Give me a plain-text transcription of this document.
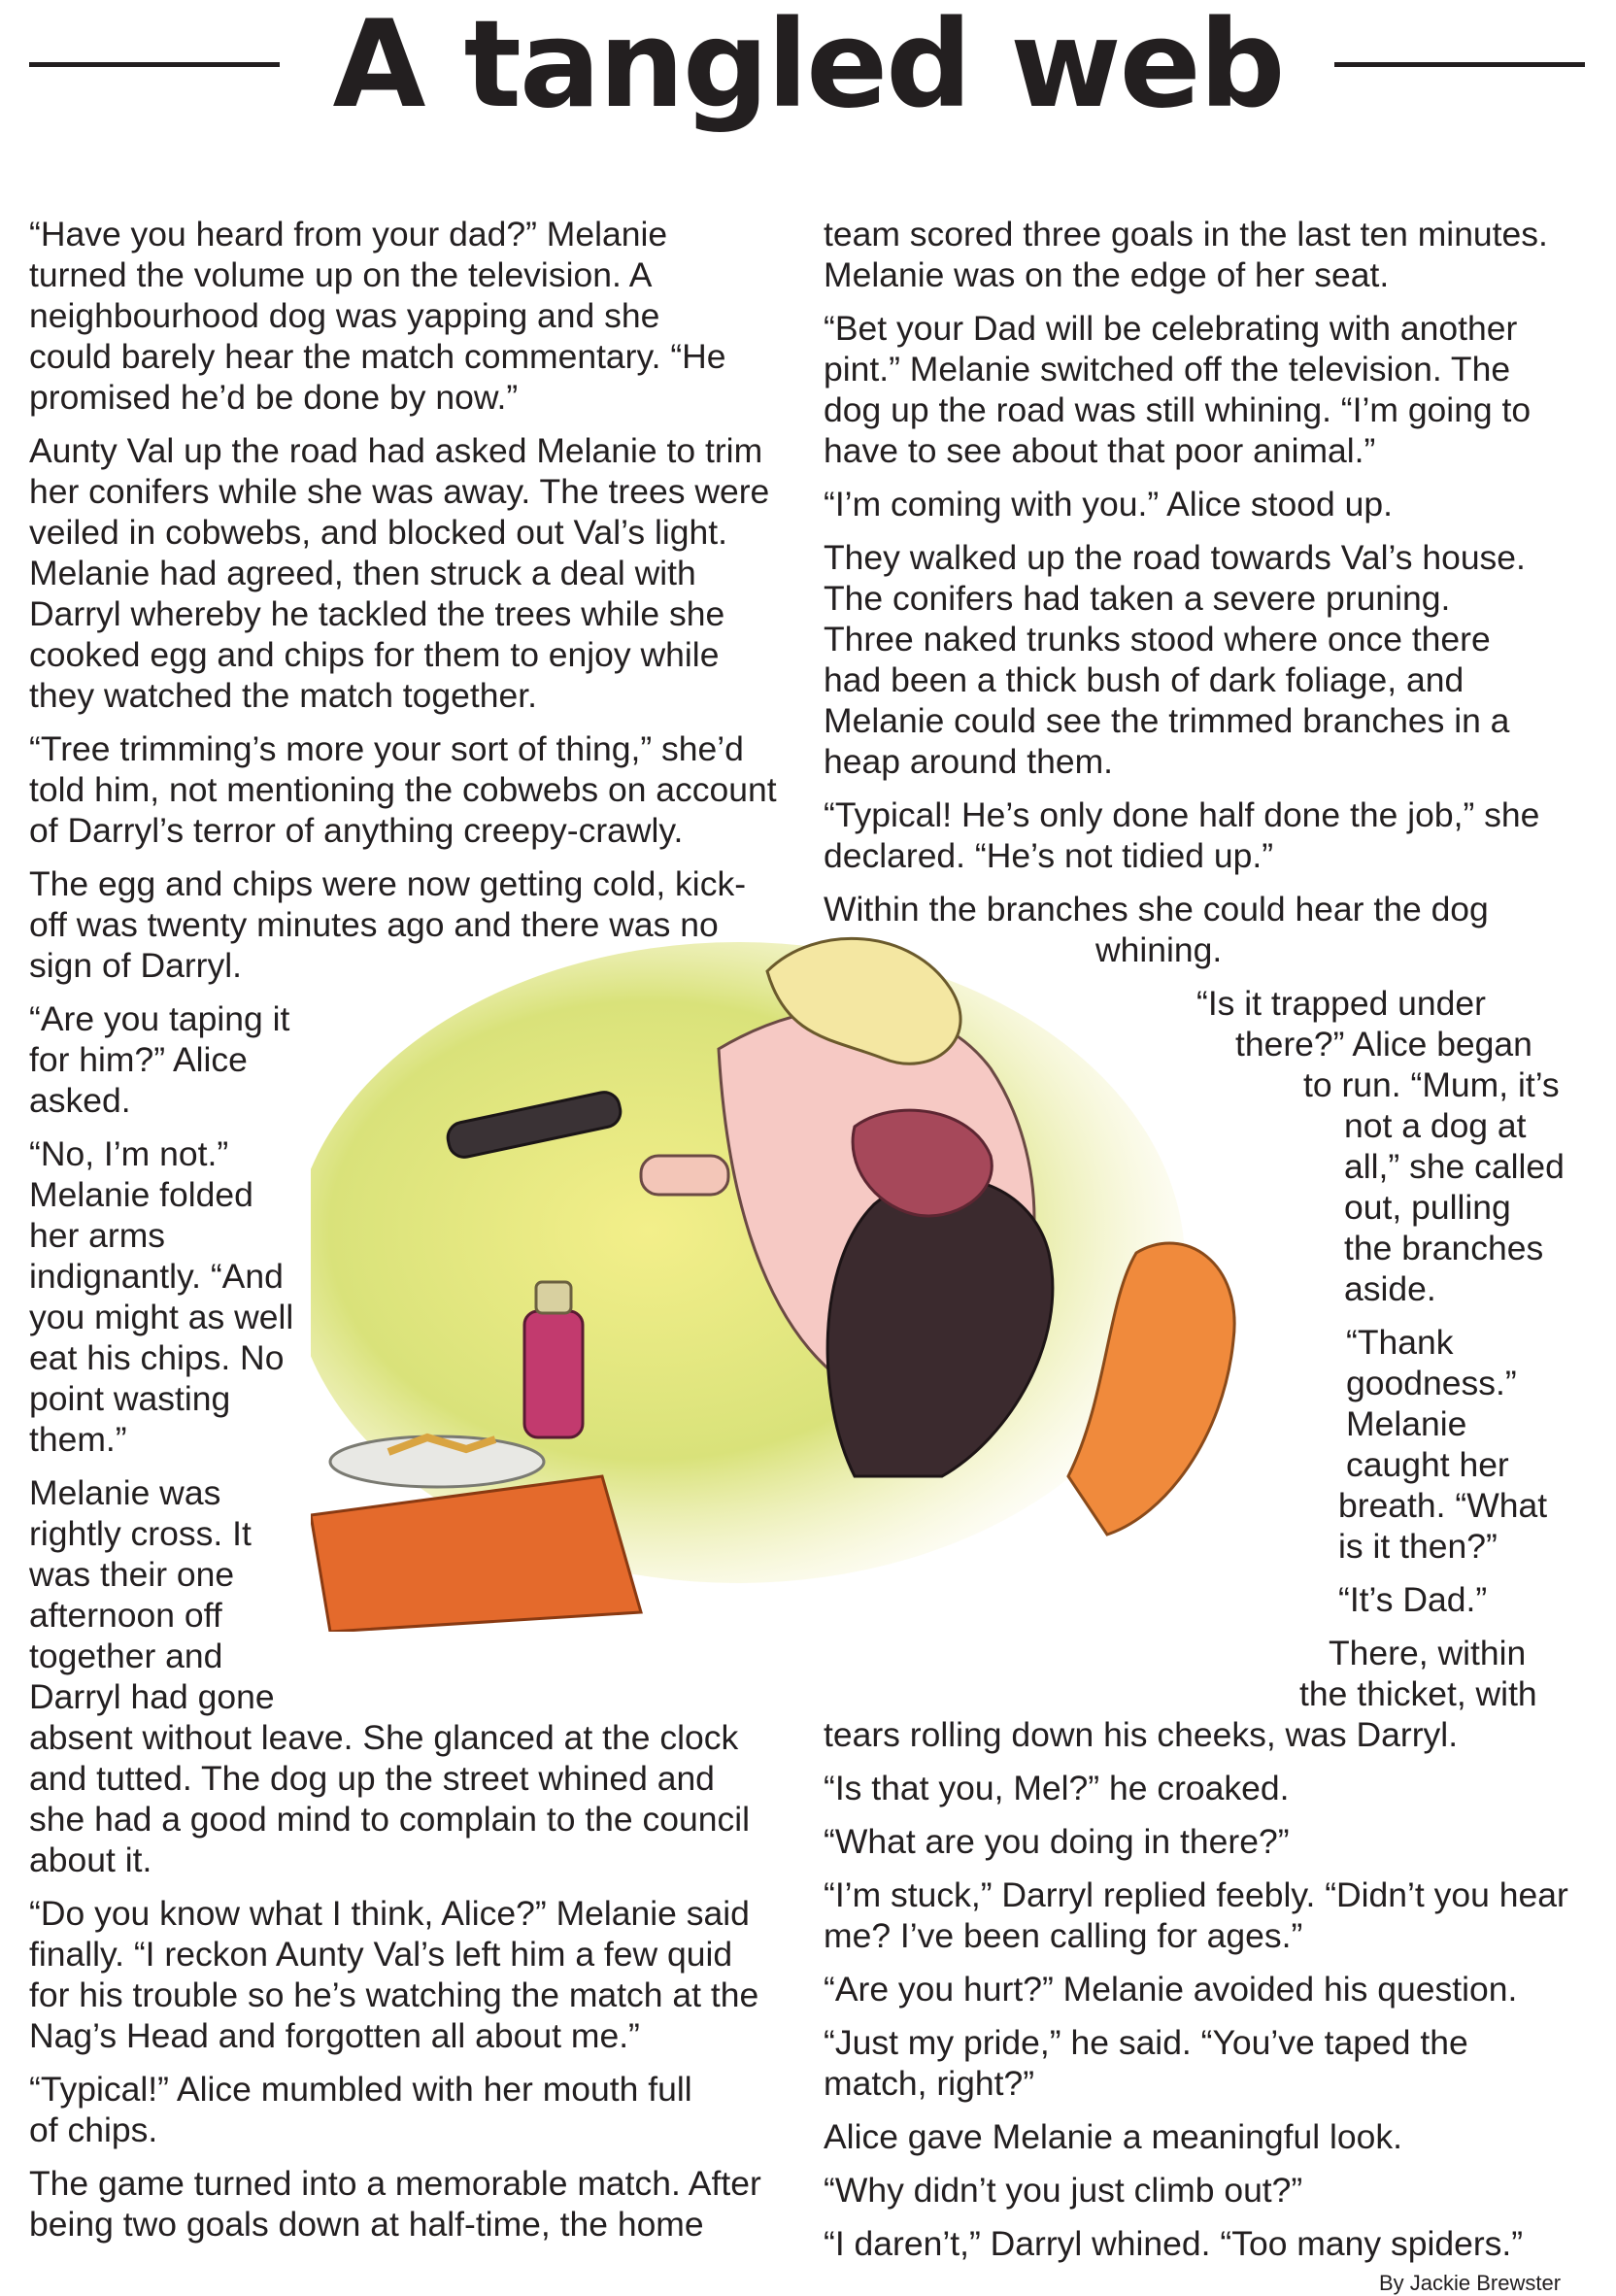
A tangled web
“Have you heard from your dad?” Melanie
turned the volume up on the television. A
neighbourhood dog was yapping and she
could barely hear the match commentary. “He
promised he’d be done by now.”
Aunty Val up the road had asked Melanie to trim
her conifers while she was away. The trees were
veiled in cobwebs, and blocked out Val’s light.
Melanie had agreed, then struck a deal with
Darryl whereby he tackled the trees while she
cooked egg and chips for them to enjoy while
they watched the match together.
“Tree trimming’s more your sort of thing,” she’d
told him, not mentioning the cobwebs on account
of Darryl’s terror of anything creepy-crawly.
The egg and chips were now getting cold, kick-
off was twenty minutes ago and there was no
sign of Darryl.
“Are you taping it
for him?” Alice
asked.
“No, I’m not.”
Melanie folded
her arms
indignantly. “And
you might as well
eat his chips. No
point wasting
them.”
Melanie was
rightly cross. It
was their one
afternoon off
together and
Darryl had gone
absent without leave. She glanced at the clock
and tutted. The dog up the street whined and
she had a good mind to complain to the council
about it.
“Do you know what I think, Alice?” Melanie said
finally. “I reckon Aunty Val’s left him a few quid
for his trouble so he’s watching the match at the
Nag’s Head and forgotten all about me.”
“Typical!” Alice mumbled with her mouth full
of chips.
The game turned into a memorable match. After
being two goals down at half-time, the home
team scored three goals in the last ten minutes.
Melanie was on the edge of her seat.
“Bet your Dad will be celebrating with another
pint.” Melanie switched off the television. The
dog up the road was still whining. “I’m going to
have to see about that poor animal.”
“I’m coming with you.” Alice stood up.
They walked up the road towards Val’s house.
The conifers had taken a severe pruning.
Three naked trunks stood where once there
had been a thick bush of dark foliage, and
Melanie could see the trimmed branches in a
heap around them.
“Typical! He’s only done half done the job,” she
declared. “He’s not tidied up.”
Within the branches she could hear the dog
whining.
“Is it trapped under
there?” Alice began
to run. “Mum, it’s
not a dog at
all,” she called
out, pulling
the branches
aside.
“Thank
goodness.”
Melanie
caught her
breath. “What
is it then?”
“It’s Dad.”
There, within
the thicket, with
tears rolling down his cheeks, was Darryl.
“Is that you, Mel?” he croaked.
“What are you doing in there?”
“I’m stuck,” Darryl replied feebly. “Didn’t you hear
me? I’ve been calling for ages.”
“Are you hurt?” Melanie avoided his question.
“Just my pride,” he said. “You’ve taped the
match, right?”
Alice gave Melanie a meaningful look.
“Why didn’t you just climb out?”
“I daren’t,” Darryl whined. “Too many spiders.”
By Jackie Brewster
